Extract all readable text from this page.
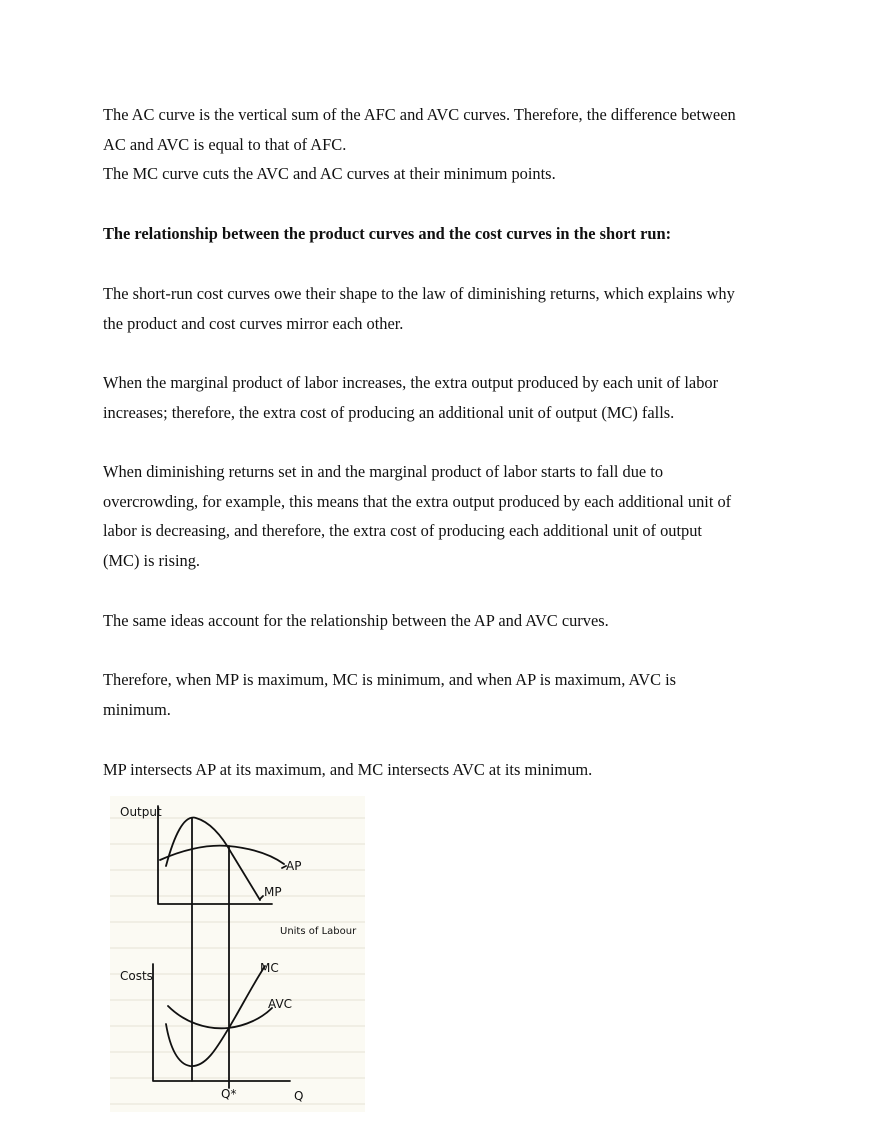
The AC curve is the vertical sum of the AFC and AVC curves. Therefore, the difference between
AC and AVC is equal to that of AFC.
The MC curve cuts the AVC and AC curves at their minimum points.
The relationship between the product curves and the cost curves in the short run:
The short-run cost curves owe their shape to the law of diminishing returns, which explains why
the product and cost curves mirror each other.
When the marginal product of labor increases, the extra output produced by each unit of labor
increases; therefore, the extra cost of producing an additional unit of output (MC) falls.
When diminishing returns set in and the marginal product of labor starts to fall due to
overcrowding, for example, this means that the extra output produced by each additional unit of
labor is decreasing, and therefore, the extra cost of producing each additional unit of output
(MC) is rising.
The same ideas account for the relationship between the AP and AVC curves.
Therefore, when MP is maximum, MC is minimum, and when AP is maximum, AVC is
minimum.
MP intersects AP at its maximum, and MC intersects AVC at its minimum.
Output
AP
MP
Units of Labour
Costs
MC
AVC
Q*	Q
